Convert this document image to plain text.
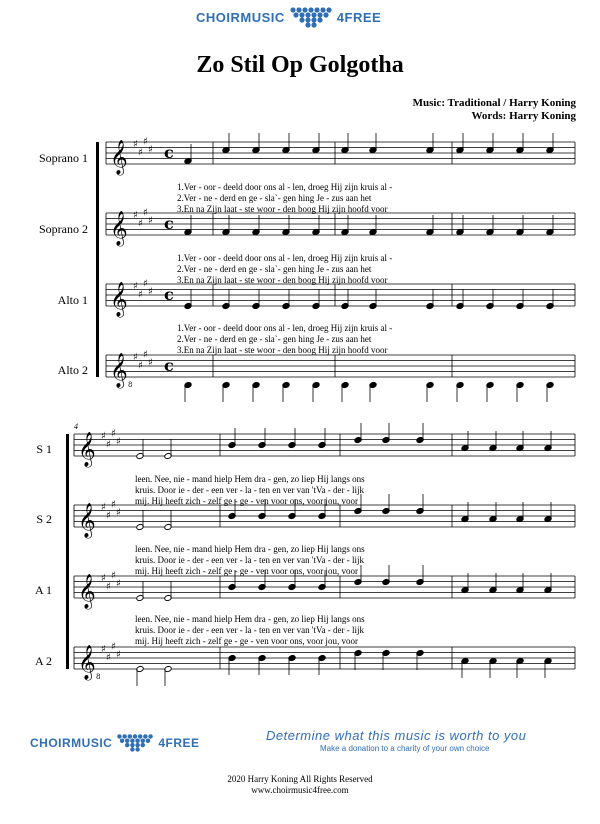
CHOIRMUSIC	4FREE
Zo Stil Op Golgotha
Music: Traditional / Harry Koning
Words: Harry Koning
𝄞 ♯
♯
♯
♯ c
𝄞 ♯
♯
♯
♯ c
𝄞 ♯
♯
♯
♯ c
𝄞 8
♯
♯
♯
♯ c
𝄞 ♯
♯
♯
♯
𝄞 ♯
♯
♯
♯
𝄞 ♯
♯
♯
♯
𝄞 8
♯
♯
♯
♯
Soprano 1
Soprano 2
Alto 1
Alto 2
1.Ver - oor - deeld door ons al - len, droeg Hij zijn kruis al -
2.Ver - ne - derd en ge - sla`- gen hing Je - zus aan het
3.En na Zijn laat - ste woor - den boog Hij zijn hoofd voor
1.Ver - oor - deeld door ons al - len, droeg Hij zijn kruis al -
2.Ver - ne - derd en ge - sla`- gen hing Je - zus aan het
3.En na Zijn laat - ste woor - den boog Hij zijn hoofd voor
1.Ver - oor - deeld door ons al - len, droeg Hij zijn kruis al -
2.Ver - ne - derd en ge - sla`- gen hing Je - zus aan het
3.En na Zijn laat - ste woor - den boog Hij zijn hoofd voor
4
S 1
S 2
A 1
A 2
leen. Nee, nie - mand hielp Hem dra - gen, zo liep Hij langs ons
kruis. Door ie - der - een ver - la - ten en ver van 'tVa - der - lijk
mij. Hij heeft zich - zelf ge - ge - ven voor ons, voor jou, voor
leen. Nee, nie - mand hielp Hem dra - gen, zo liep Hij langs ons
kruis. Door ie - der - een ver - la - ten en ver van 'tVa - der - lijk
mij. Hij heeft zich - zelf ge - ge - ven voor ons, voor jou, voor
leen. Nee, nie - mand hielp Hem dra - gen, zo liep Hij langs ons
kruis. Door ie - der - een ver - la - ten en ver van 'tVa - der - lijk
mij. Hij heeft zich - zelf ge - ge - ven voor ons, voor jou, voor
CHOIRMUSIC	4FREE	Determine what this music is worth to you
Make a donation to a charity of your own choice
2020 Harry Koning All Rights Reserved
www.choirmusic4free.com
